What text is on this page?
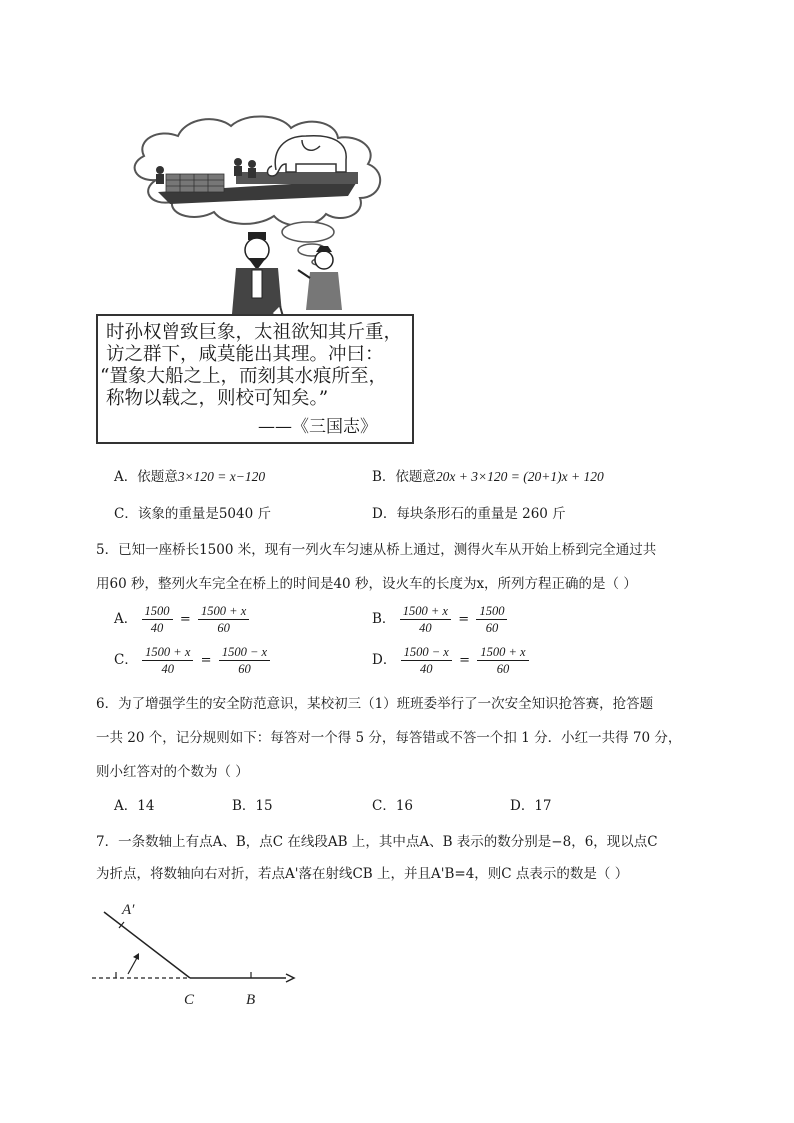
时孙权曾致巨象，太祖欲知其斤重，
访之群下，咸莫能出其理。冲曰：
“置象大船之上，而刻其水痕所至，
称物以载之，则校可知矣。”
——《三国志》
A．依题意3×120 = x−120	B．依题意20x + 3×120 = (20+1)x + 120
C．该象的重量是5040 斤	D．每块条形石的重量是 260 斤
5．已知一座桥长1500 米，现有一列火车匀速从桥上通过，测得火车从开始上桥到完全通过共
用60 秒，整列火车完全在桥上的时间是40 秒，设火车的长度为x，所列方程正确的是（ ）
A． $\frac{1500}{40} = \frac{1500 + x}{60}$	B． $\frac{1500 + x}{40} = \frac{1500}{60}$
C． $\frac{1500 + x}{40} = \frac{1500 - x}{60}$	D． $\frac{1500 - x}{40} = \frac{1500 + x}{60}$
6．为了增强学生的安全防范意识，某校初三（1）班班委举行了一次安全知识抢答赛，抢答题
一共 20 个，记分规则如下：每答对一个得 5 分，每答错或不答一个扣 1 分．小红一共得 70 分，
则小红答对的个数为（ ）
A．14	B．15	C．16	D．17
7．一条数轴上有点A、B，点C 在线段AB 上，其中点A、B 表示的数分别是−8，6，现以点C
为折点，将数轴向右对折，若点A'落在射线CB 上，并且A'B=4，则C 点表示的数是（ ）
A′
C	B
